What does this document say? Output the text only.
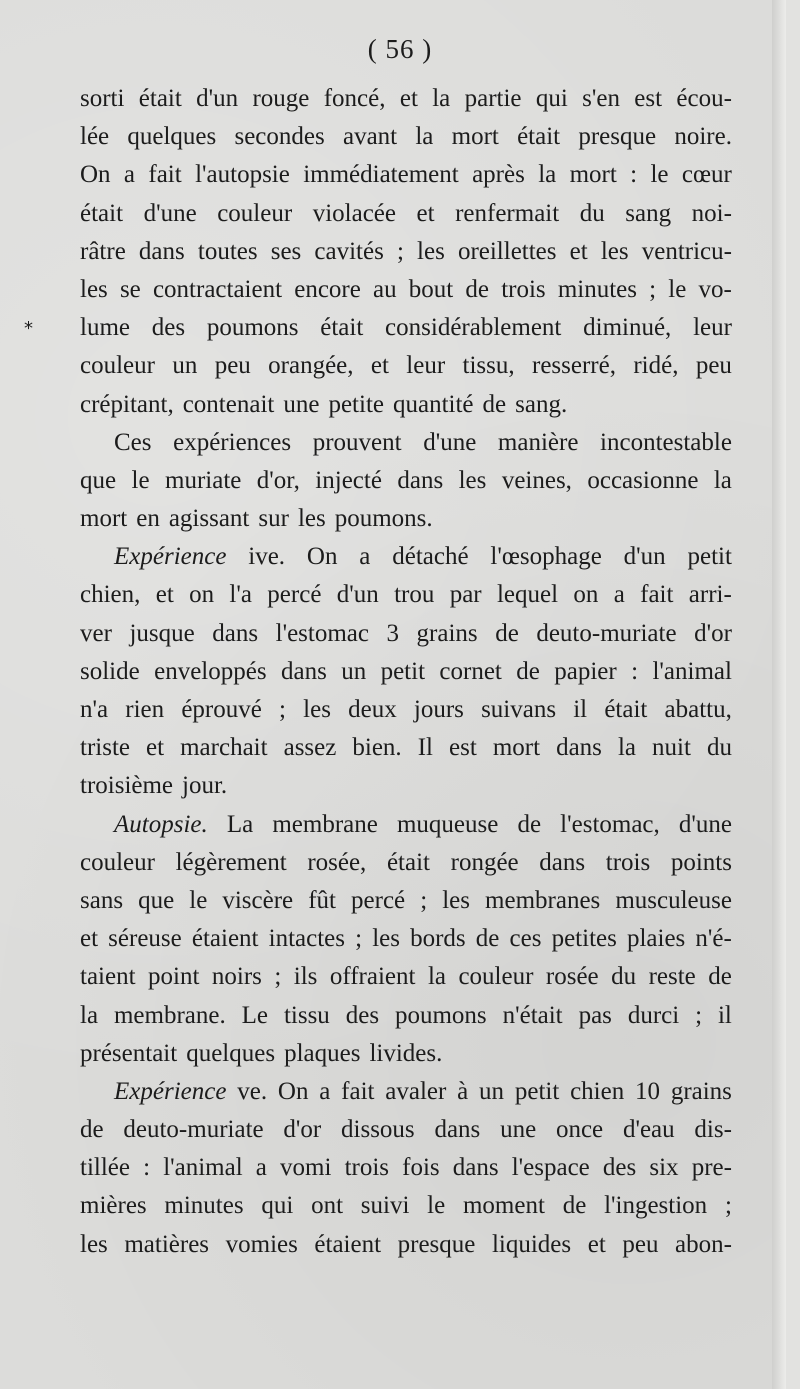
( 56 )
*
sorti était d'un rouge foncé, et la partie qui s'en est écou-
lée quelques secondes avant la mort était presque noire.
On a fait l'autopsie immédiatement après la mort : le cœur
était d'une couleur violacée et renfermait du sang noi-
râtre dans toutes ses cavités ; les oreillettes et les ventricu-
les se contractaient encore au bout de trois minutes ; le vo-
lume des poumons était considérablement diminué, leur
couleur un peu orangée, et leur tissu, resserré, ridé, peu
crépitant, contenait une petite quantité de sang.
Ces expériences prouvent d'une manière incontestable
que le muriate d'or, injecté dans les veines, occasionne la
mort en agissant sur les poumons.
Expérience ive. On a détaché l'œsophage d'un petit
chien, et on l'a percé d'un trou par lequel on a fait arri-
ver jusque dans l'estomac 3 grains de deuto-muriate d'or
solide enveloppés dans un petit cornet de papier : l'animal
n'a rien éprouvé ; les deux jours suivans il était abattu,
triste et marchait assez bien. Il est mort dans la nuit du
troisième jour.
Autopsie. La membrane muqueuse de l'estomac, d'une
couleur légèrement rosée, était rongée dans trois points
sans que le viscère fût percé ; les membranes musculeuse
et séreuse étaient intactes ; les bords de ces petites plaies n'é-
taient point noirs ; ils offraient la couleur rosée du reste de
la membrane. Le tissu des poumons n'était pas durci ; il
présentait quelques plaques livides.
Expérience ve. On a fait avaler à un petit chien 10 grains
de deuto-muriate d'or dissous dans une once d'eau dis-
tillée : l'animal a vomi trois fois dans l'espace des six pre-
mières minutes qui ont suivi le moment de l'ingestion ;
les matières vomies étaient presque liquides et peu abon-
